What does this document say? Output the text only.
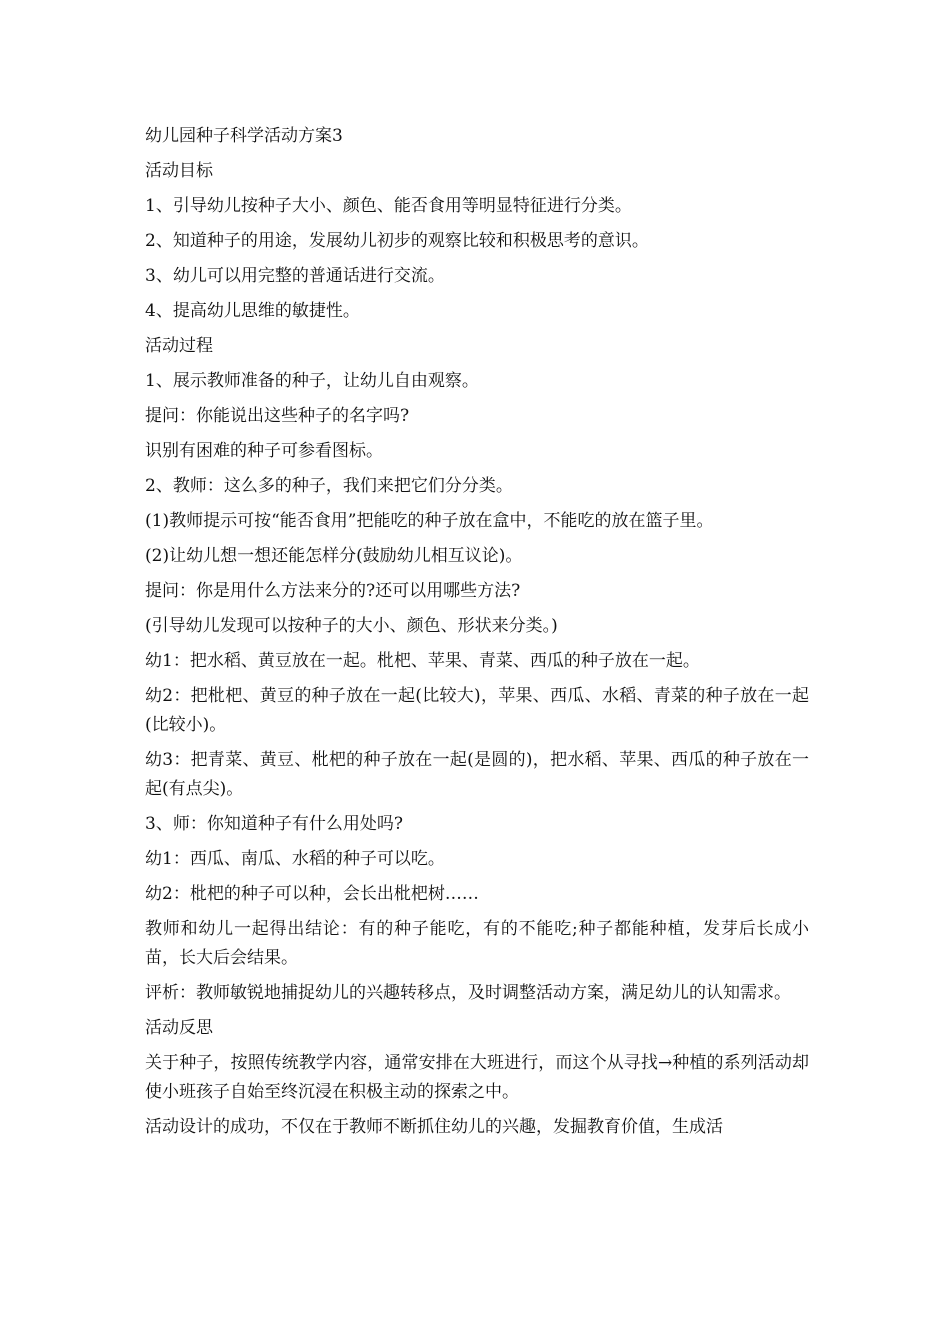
幼儿园种子科学活动方案3

活动目标

1、引导幼儿按种子大小、颜色、能否食用等明显特征进行分类。

2、知道种子的用途，发展幼儿初步的观察比较和积极思考的意识。

3、幼儿可以用完整的普通话进行交流。

4、提高幼儿思维的敏捷性。

活动过程

1、展示教师准备的种子，让幼儿自由观察。

提问：你能说出这些种子的名字吗?

识别有困难的种子可参看图标。

2、教师：这么多的种子，我们来把它们分分类。

(1)教师提示可按“能否食用”把能吃的种子放在盒中，不能吃的放在篮子里。

(2)让幼儿想一想还能怎样分(鼓励幼儿相互议论)。

提问：你是用什么方法来分的?还可以用哪些方法?

(引导幼儿发现可以按种子的大小、颜色、形状来分类。)

幼1：把水稻、黄豆放在一起。枇杷、苹果、青菜、西瓜的种子放在一起。

幼2：把枇杷、黄豆的种子放在一起(比较大)，苹果、西瓜、水稻、青菜的种子放在一起(比较小)。

幼3：把青菜、黄豆、枇杷的种子放在一起(是圆的)，把水稻、苹果、西瓜的种子放在一起(有点尖)。

3、师：你知道种子有什么用处吗?

幼1：西瓜、南瓜、水稻的种子可以吃。

幼2：枇杷的种子可以种，会长出枇杷树……

教师和幼儿一起得出结论：有的种子能吃，有的不能吃;种子都能种植，发芽后长成小苗，长大后会结果。

评析：教师敏锐地捕捉幼儿的兴趣转移点，及时调整活动方案，满足幼儿的认知需求。

活动反思

关于种子，按照传统教学内容，通常安排在大班进行，而这个从寻找→种植的系列活动却使小班孩子自始至终沉浸在积极主动的探索之中。

活动设计的成功，不仅在于教师不断抓住幼儿的兴趣，发掘教育价值，生成活
